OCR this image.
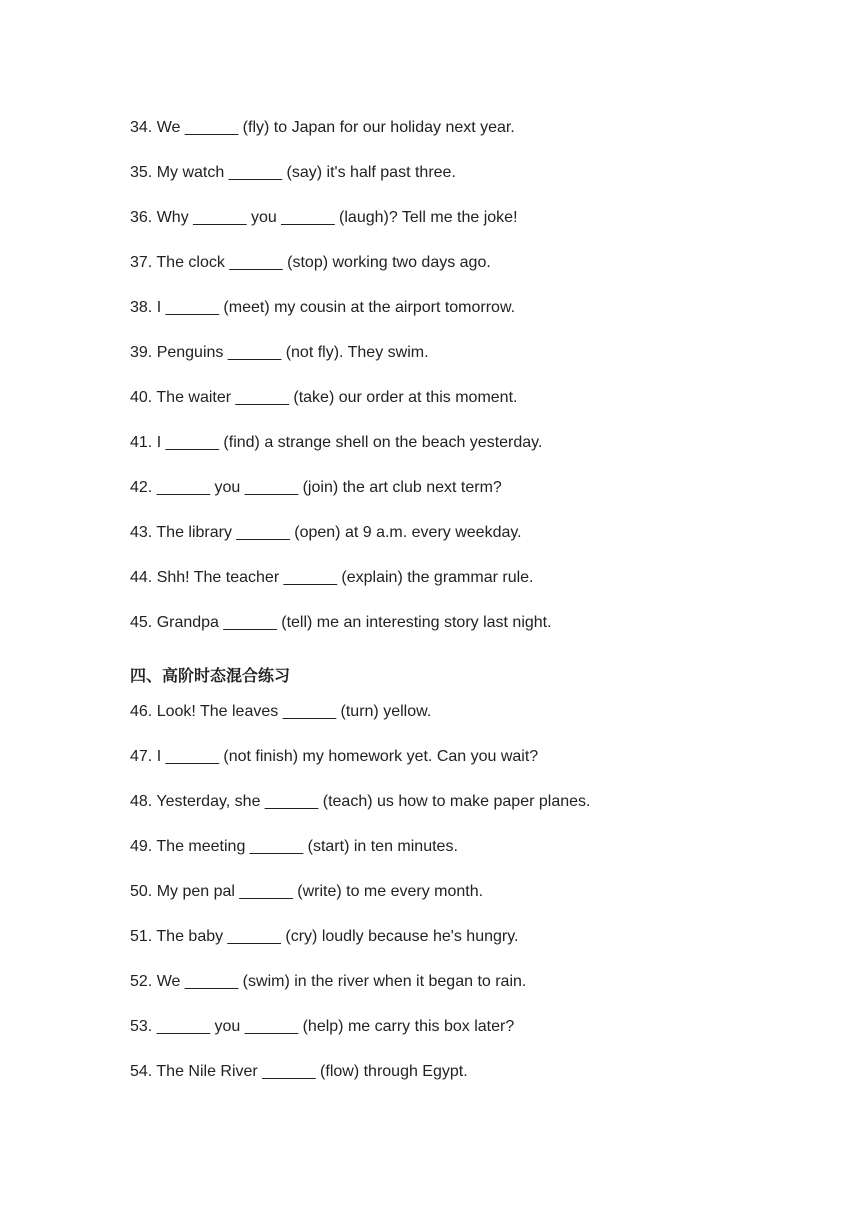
34. We ______ (fly) to Japan for our holiday next year.
35. My watch ______ (say) it's half past three.
36. Why ______ you ______ (laugh)? Tell me the joke!
37. The clock ______ (stop) working two days ago.
38. I ______ (meet) my cousin at the airport tomorrow.
39. Penguins ______ (not fly). They swim.
40. The waiter ______ (take) our order at this moment.
41. I ______ (find) a strange shell on the beach yesterday.
42. ______ you ______ (join) the art club next term?
43. The library ______ (open) at 9 a.m. every weekday.
44. Shh! The teacher ______ (explain) the grammar rule.
45. Grandpa ______ (tell) me an interesting story last night.
四、高阶时态混合练习
46. Look! The leaves ______ (turn) yellow.
47. I ______ (not finish) my homework yet. Can you wait?
48. Yesterday, she ______ (teach) us how to make paper planes.
49. The meeting ______ (start) in ten minutes.
50. My pen pal ______ (write) to me every month.
51. The baby ______ (cry) loudly because he's hungry.
52. We ______ (swim) in the river when it began to rain.
53. ______ you ______ (help) me carry this box later?
54. The Nile River ______ (flow) through Egypt.
